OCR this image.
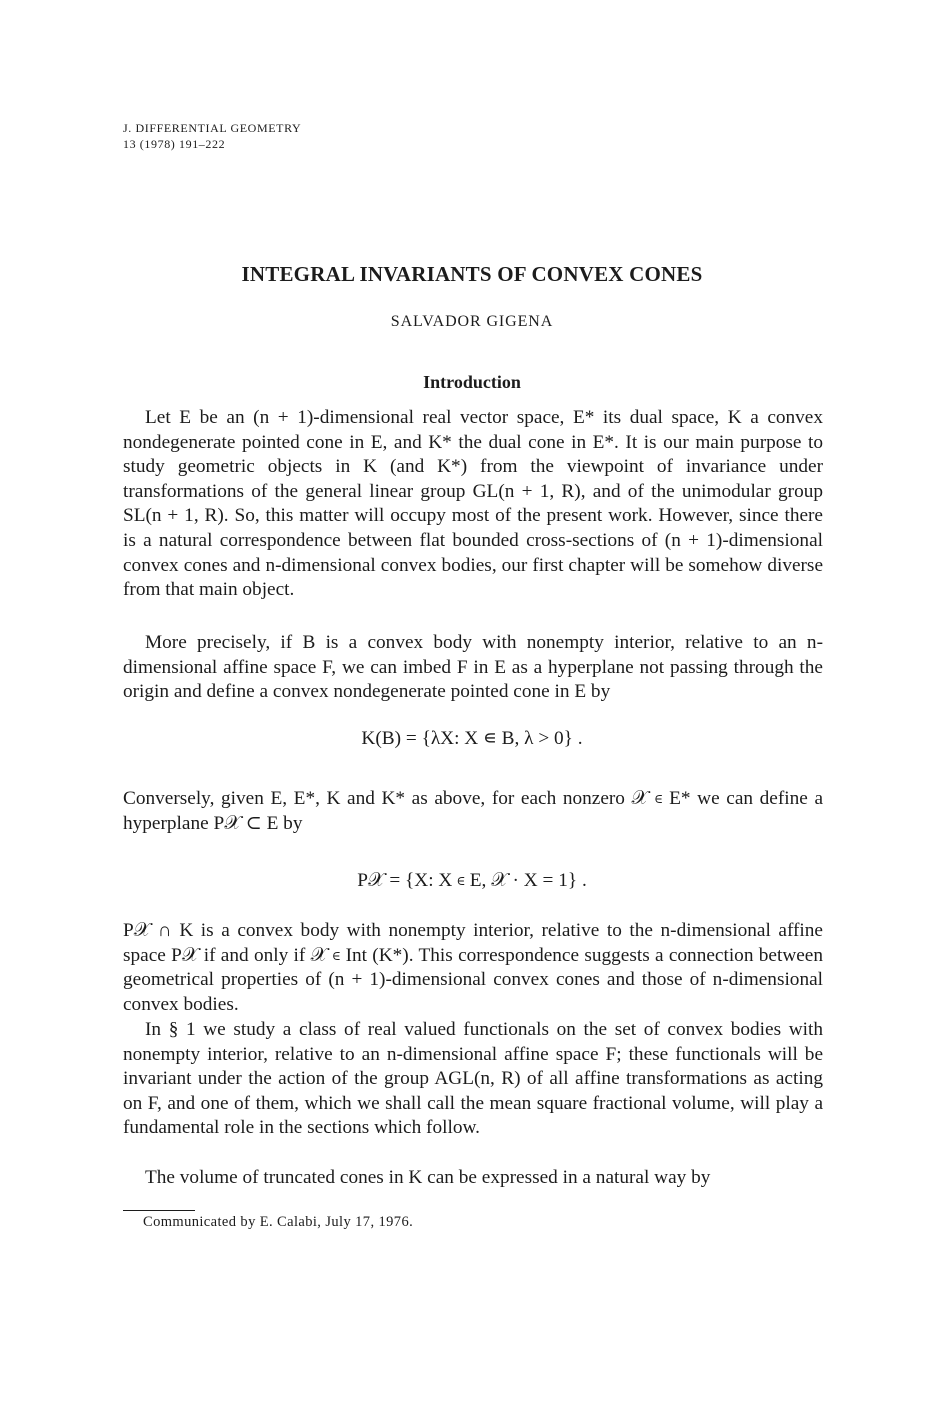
J. DIFFERENTIAL GEOMETRY
13 (1978) 191–222
INTEGRAL INVARIANTS OF CONVEX CONES
SALVADOR GIGENA
Introduction
Let E be an (n + 1)-dimensional real vector space, E* its dual space, K a convex nondegenerate pointed cone in E, and K* the dual cone in E*. It is our main purpose to study geometric objects in K (and K*) from the viewpoint of invariance under transformations of the general linear group GL(n + 1, R), and of the unimodular group SL(n + 1, R). So, this matter will occupy most of the present work. However, since there is a natural correspondence between flat bounded cross-sections of (n + 1)-dimensional convex cones and n-dimensional convex bodies, our first chapter will be somehow diverse from that main object.
More precisely, if B is a convex body with nonempty interior, relative to an n-dimensional affine space F, we can imbed F in E as a hyperplane not passing through the origin and define a convex nondegenerate pointed cone in E by
K(B) = {λX: X ∊ B, λ > 0} .
Conversely, given E, E*, K and K* as above, for each nonzero 𝒳 ∊ E* we can define a hyperplane P𝒳 ⊂ E by
P𝒳 = {X: X ∊ E, 𝒳 · X = 1} .
P𝒳 ∩ K is a convex body with nonempty interior, relative to the n-dimensional affine space P𝒳 if and only if 𝒳 ∊ Int (K*). This correspondence suggests a connection between geometrical properties of (n + 1)-dimensional convex cones and those of n-dimensional convex bodies.
In § 1 we study a class of real valued functionals on the set of convex bodies with nonempty interior, relative to an n-dimensional affine space F; these functionals will be invariant under the action of the group AGL(n, R) of all affine transformations as acting on F, and one of them, which we shall call the mean square fractional volume, will play a fundamental role in the sections which follow.
The volume of truncated cones in K can be expressed in a natural way by
Communicated by E. Calabi, July 17, 1976.
